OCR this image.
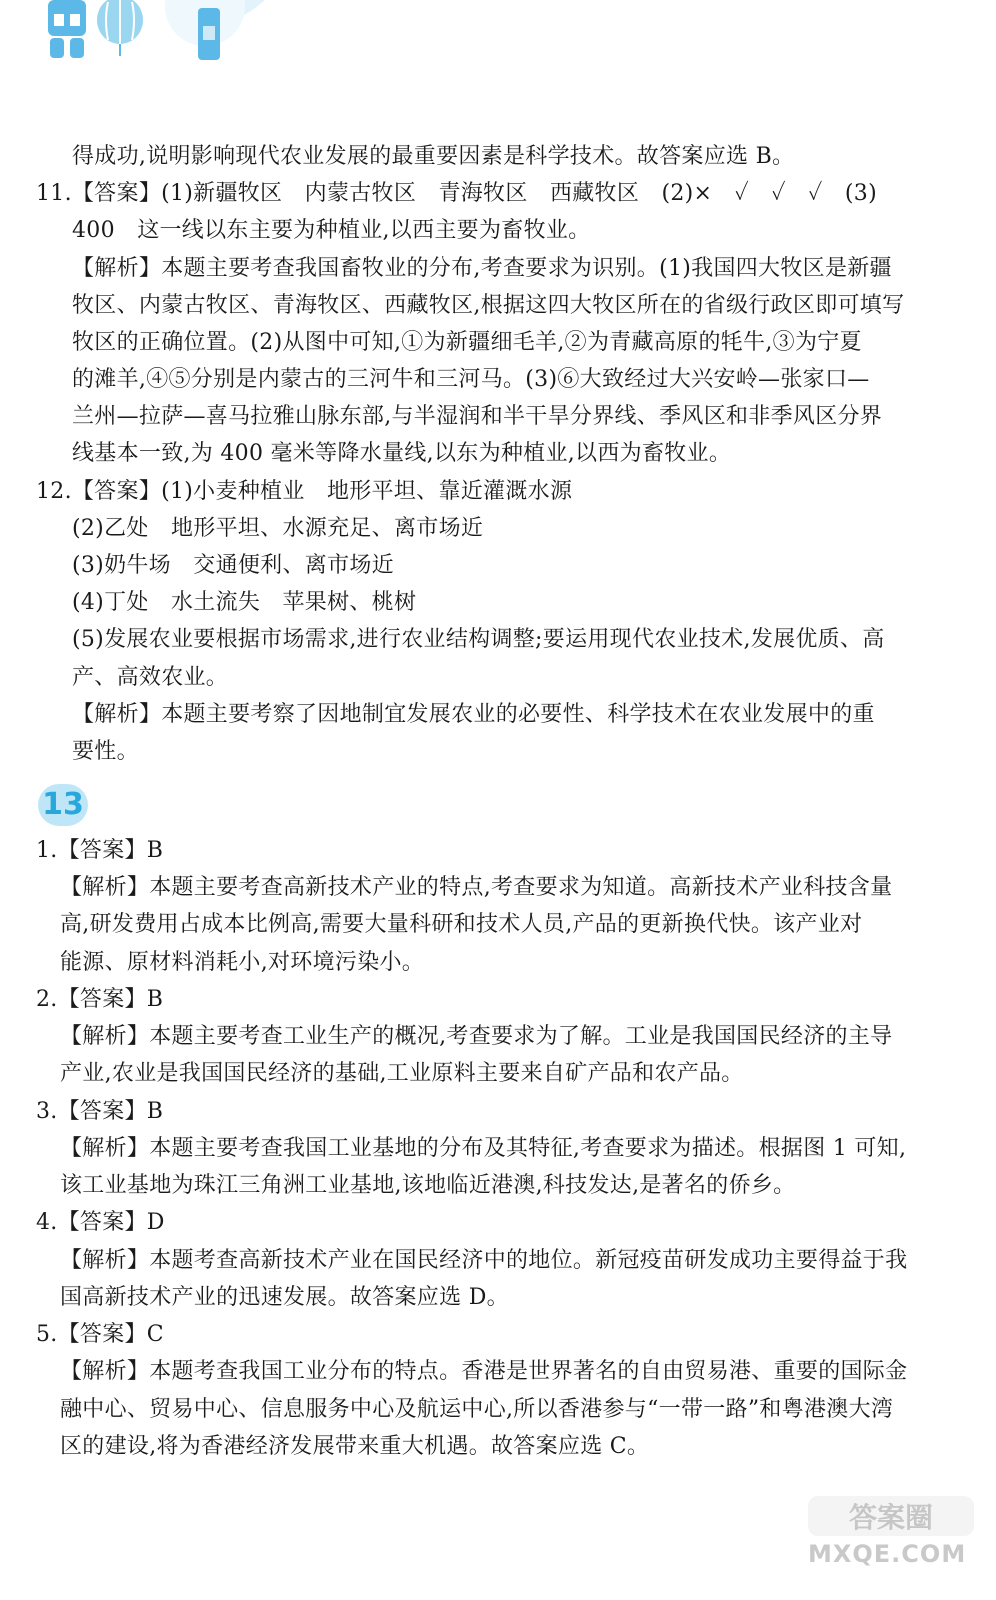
得成功,说明影响现代农业发展的最重要因素是科学技术。故答案应选 B。
11.【答案】(1)新疆牧区　内蒙古牧区　青海牧区　西藏牧区　(2)×　✓　✓　✓　(3)
400　这一线以东主要为种植业,以西主要为畜牧业。
【解析】本题主要考查我国畜牧业的分布,考查要求为识别。(1)我国四大牧区是新疆
牧区、内蒙古牧区、青海牧区、西藏牧区,根据这四大牧区所在的省级行政区即可填写
牧区的正确位置。(2)从图中可知,①为新疆细毛羊,②为青藏高原的牦牛,③为宁夏
的滩羊,④⑤分别是内蒙古的三河牛和三河马。(3)⑥大致经过大兴安岭—张家口—
兰州—拉萨—喜马拉雅山脉东部,与半湿润和半干旱分界线、季风区和非季风区分界
线基本一致,为 400 毫米等降水量线,以东为种植业,以西为畜牧业。
12.【答案】(1)小麦种植业　地形平坦、靠近灌溉水源
(2)乙处　地形平坦、水源充足、离市场近
(3)奶牛场　交通便利、离市场近
(4)丁处　水土流失　苹果树、桃树
(5)发展农业要根据市场需求,进行农业结构调整;要运用现代农业技术,发展优质、高
产、高效农业。
【解析】本题主要考察了因地制宜发展农业的必要性、科学技术在农业发展中的重
要性。
13
1.【答案】B
【解析】本题主要考查高新技术产业的特点,考查要求为知道。高新技术产业科技含量
高,研发费用占成本比例高,需要大量科研和技术人员,产品的更新换代快。该产业对
能源、原材料消耗小,对环境污染小。
2.【答案】B
【解析】本题主要考查工业生产的概况,考查要求为了解。工业是我国国民经济的主导
产业,农业是我国国民经济的基础,工业原料主要来自矿产品和农产品。
3.【答案】B
【解析】本题主要考查我国工业基地的分布及其特征,考查要求为描述。根据图 1 可知,
该工业基地为珠江三角洲工业基地,该地临近港澳,科技发达,是著名的侨乡。
4.【答案】D
【解析】本题考查高新技术产业在国民经济中的地位。新冠疫苗研发成功主要得益于我
国高新技术产业的迅速发展。故答案应选 D。
5.【答案】C
【解析】本题考查我国工业分布的特点。香港是世界著名的自由贸易港、重要的国际金
融中心、贸易中心、信息服务中心及航运中心,所以香港参与“一带一路”和粤港澳大湾
区的建设,将为香港经济发展带来重大机遇。故答案应选 C。
答案圈
MXQE.COM
